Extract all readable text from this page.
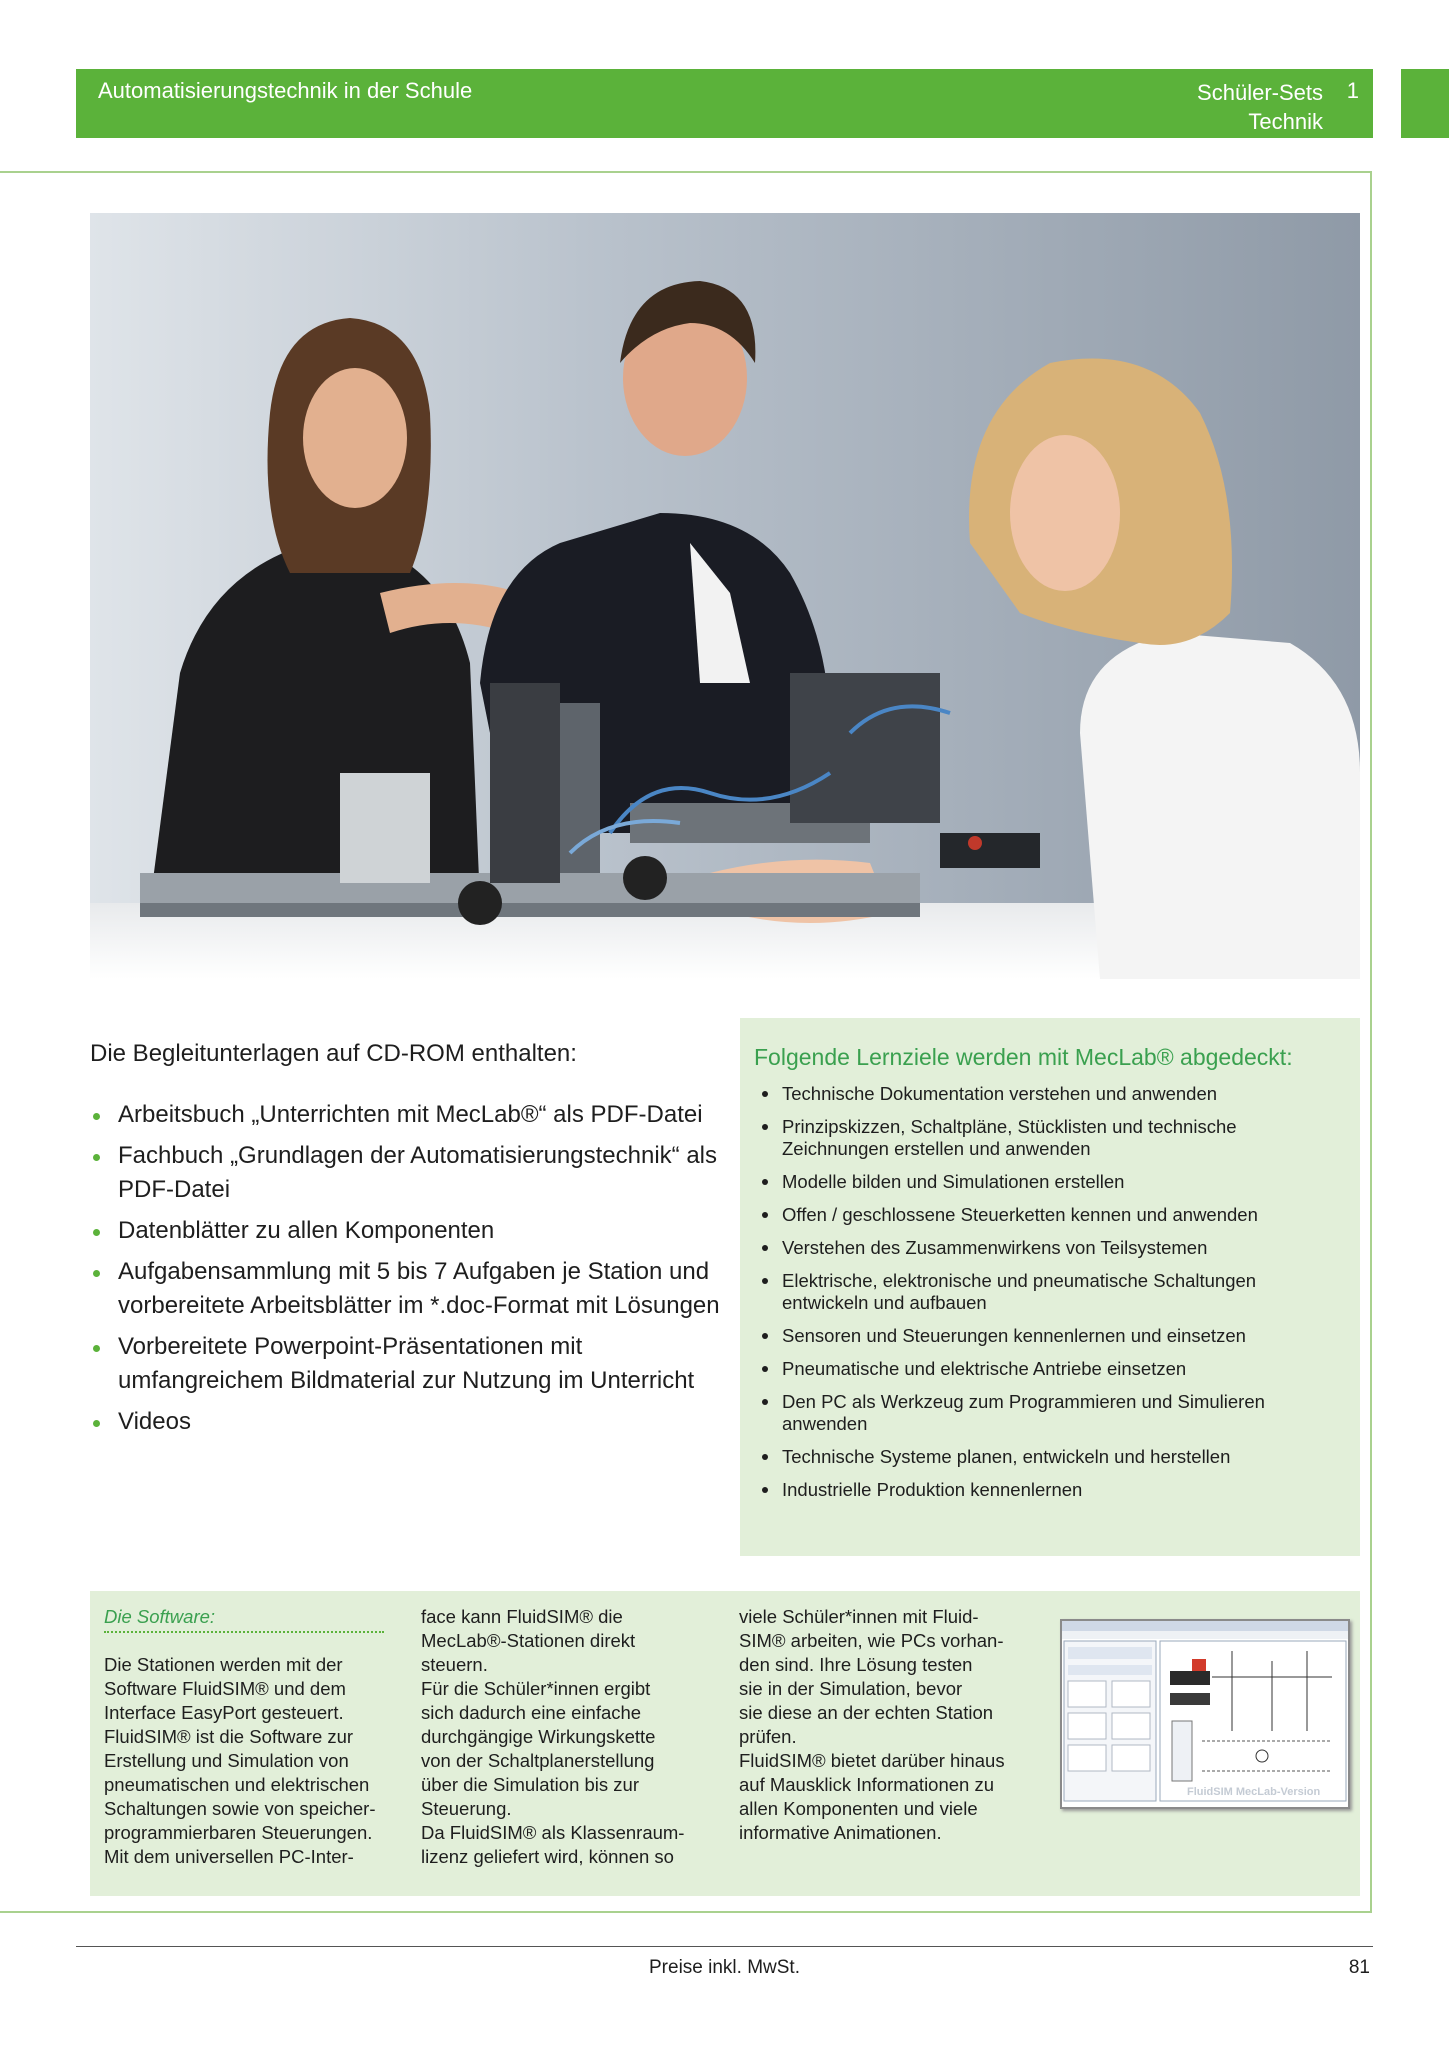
Automatisierungstechnik in der Schule	Schüler-Sets
Technik
1
Die Begleitunterlagen auf CD-ROM enthalten:
Arbeitsbuch „Unterrichten mit MecLab®“ als PDF-Datei
Fachbuch „Grundlagen der Automatisierungstechnik“ als PDF-Datei
Datenblätter zu allen Komponenten
Aufgabensammlung mit 5 bis 7 Aufgaben je Station und vorbereitete Arbeitsblätter im *.doc-Format mit Lösungen
Vorbereitete Powerpoint-Präsentationen mit umfangreichem Bildmaterial zur Nutzung im Unterricht
Videos
Folgende Lernziele werden mit MecLab® abgedeckt:
Technische Dokumentation verstehen und anwenden
Prinzipskizzen, Schaltpläne, Stücklisten und technische Zeichnungen erstellen und anwenden
Modelle bilden und Simulationen erstellen
Offen / geschlossene Steuerketten kennen und anwenden
Verstehen des Zusammenwirkens von Teilsystemen
Elektrische, elektronische und pneumatische Schaltungen entwickeln und aufbauen
Sensoren und Steuerungen kennenlernen und einsetzen
Pneumatische und elektrische Antriebe einsetzen
Den PC als Werkzeug zum Programmieren und Simulieren anwenden
Technische Systeme planen, entwickeln und herstellen
Industrielle Produktion kennenlernen
Die Software:
Die Stationen werden mit der
Software FluidSIM® und dem
Interface EasyPort gesteuert.
FluidSIM® ist die Software zur
Erstellung und Simulation von
pneumatischen und elektrischen
Schaltungen sowie von speicher-
programmierbaren Steuerungen.
Mit dem universellen PC-Inter-
face kann FluidSIM® die
MecLab®-Stationen direkt
steuern.
Für die Schüler*innen ergibt
sich dadurch eine einfache
durchgängige Wirkungskette
von der Schaltplanerstellung
über die Simulation bis zur
Steuerung.
Da FluidSIM® als Klassenraum-
lizenz geliefert wird, können so
viele Schüler*innen mit Fluid-
SIM® arbeiten, wie PCs vorhan-
den sind. Ihre Lösung testen
sie in der Simulation, bevor
sie diese an der echten Station
prüfen.
FluidSIM® bietet darüber hinaus
auf Mausklick Informationen zu
allen Komponenten und viele
informative Animationen.
FluidSIM MecLab-Version
Preise inkl. MwSt.	81
